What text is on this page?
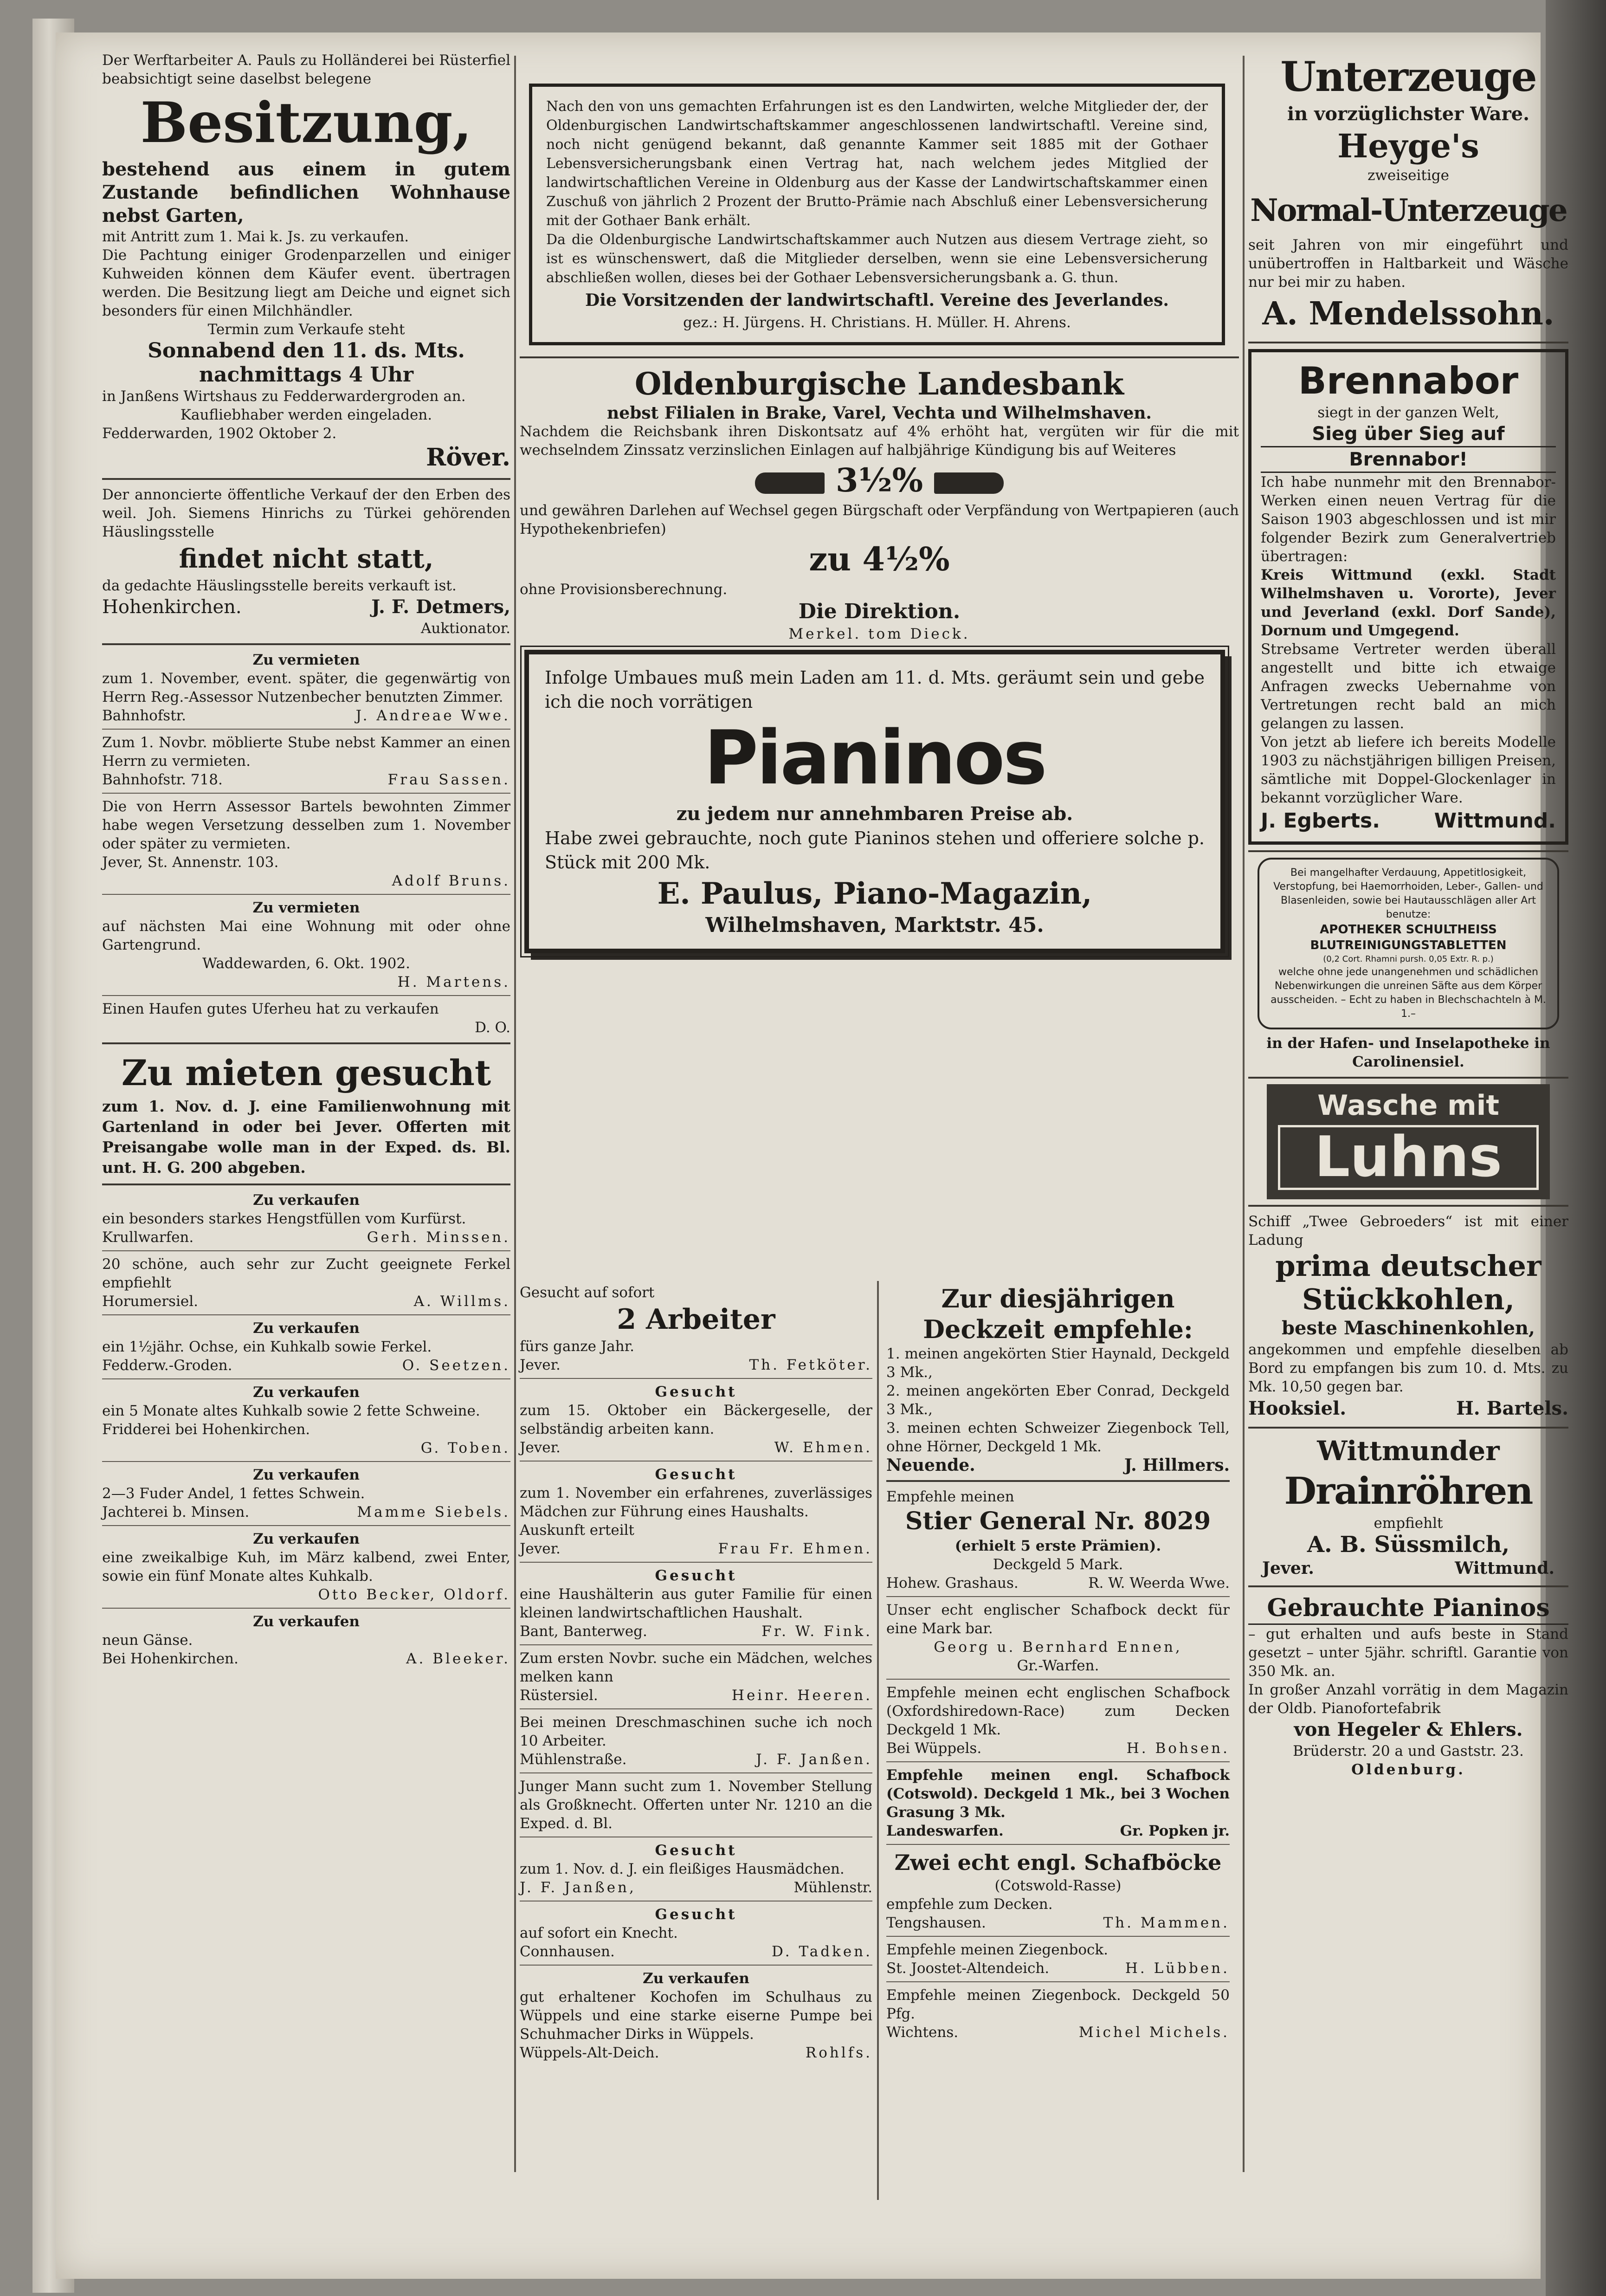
Der Werftarbeiter A. Pauls zu Holländerei bei Rüsterfiel beabsichtigt seine daselbst belegene

Besitzung,

bestehend aus einem in gutem Zustande befindlichen Wohnhause nebst Garten,

mit Antritt zum 1. Mai k. Js. zu verkaufen.

Die Pachtung einiger Grodenparzellen und einiger Kuhweiden können dem Käufer event. übertragen werden. Die Besitzung liegt am Deiche und eignet sich besonders für einen Milchhändler.

Termin zum Verkaufe steht

Sonnabend den 11. ds. Mts.

nachmittags 4 Uhr

in Janßens Wirtshaus zu Fedderwardergroden an.

Kaufliebhaber werden eingeladen.

Fedderwarden, 1902 Oktober 2.

Röver.

Der annoncierte öffentliche Verkauf der den Erben des weil. Joh. Siemens Hinrichs zu Türkei gehörenden Häuslingsstelle

findet nicht statt,

da gedachte Häuslingsstelle bereits verkauft ist.

Hohenkirchen.	J. F. Detmers,

Auktionator.

Zu vermieten

zum 1. November, event. später, die gegenwärtig von Herrn Reg.-Assessor Nutzenbecher benutzten Zimmer.

Bahnhofstr.	J. Andreae Wwe.

Zum 1. Novbr. möblierte Stube nebst Kammer an einen Herrn zu vermieten.

Bahnhofstr. 718.	Frau Sassen.

Die von Herrn Assessor Bartels bewohnten Zimmer habe wegen Versetzung desselben zum 1. November oder später zu vermieten.

Jever, St. Annenstr. 103.

Adolf Bruns.

Zu vermieten

auf nächsten Mai eine Wohnung mit oder ohne Gartengrund.

Waddewarden, 6. Okt. 1902.

H. Martens.

Einen Haufen gutes Uferheu hat zu verkaufen

D. O.

Zu mieten gesucht

zum 1. Nov. d. J. eine Familienwohnung mit Gartenland in oder bei Jever. Offerten mit Preisangabe wolle man in der Exped. ds. Bl. unt. H. G. 200 abgeben.

Zu verkaufen

ein besonders starkes Hengstfüllen vom Kurfürst.

Krullwarfen.	Gerh. Minssen.

20 schöne, auch sehr zur Zucht geeignete Ferkel empfiehlt

Horumersiel.	A. Willms.

Zu verkaufen

ein 1½jähr. Ochse, ein Kuhkalb sowie Ferkel.

Fedderw.-Groden.	O. Seetzen.

Zu verkaufen

ein 5 Monate altes Kuhkalb sowie 2 fette Schweine.

Fridderei bei Hohenkirchen.

G. Toben.

Zu verkaufen

2—3 Fuder Andel, 1 fettes Schwein.

Jachterei b. Minsen.	Mamme Siebels.

Zu verkaufen

eine zweikalbige Kuh, im März kalbend, zwei Enter, sowie ein fünf Monate altes Kuhkalb.

Otto Becker, Oldorf.

Zu verkaufen

neun Gänse.

Bei Hohenkirchen.	A. Bleeker.

Nach den von uns gemachten Erfahrungen ist es den Landwirten, welche Mitglieder der, der Oldenburgischen Landwirtschaftskammer angeschlossenen landwirtschaftl. Vereine sind, noch nicht genügend bekannt, daß genannte Kammer seit 1885 mit der Gothaer Lebensversicherungsbank einen Vertrag hat, nach welchem jedes Mitglied der landwirtschaftlichen Vereine in Oldenburg aus der Kasse der Landwirtschaftskammer einen Zuschuß von jährlich 2 Prozent der Brutto-Prämie nach Abschluß einer Lebensversicherung mit der Gothaer Bank erhält.

Da die Oldenburgische Landwirtschaftskammer auch Nutzen aus diesem Vertrage zieht, so ist es wünschenswert, daß die Mitglieder derselben, wenn sie eine Lebensversicherung abschließen wollen, dieses bei der Gothaer Lebensversicherungsbank a. G. thun.

Die Vorsitzenden der landwirtschaftl. Vereine des Jeverlandes.

gez.: H. Jürgens. H. Christians. H. Müller. H. Ahrens.

Oldenburgische Landesbank

nebst Filialen in Brake, Varel, Vechta und Wilhelmshaven.

Nachdem die Reichsbank ihren Diskontsatz auf 4% erhöht hat, vergüten wir für die mit wechselndem Zinssatz verzinslichen Einlagen auf halbjährige Kündigung bis auf Weiteres

3½%

und gewähren Darlehen auf Wechsel gegen Bürgschaft oder Verpfändung von Wertpapieren (auch Hypothekenbriefen)

zu 4½%

ohne Provisionsberechnung.

Die Direktion.

Merkel. tom Dieck.

Infolge Umbaues muß mein Laden am 11. d. Mts. geräumt sein und gebe ich die noch vorrätigen

Pianinos

zu jedem nur annehmbaren Preise ab.

Habe zwei gebrauchte, noch gute Pianinos stehen und offeriere solche p. Stück mit 200 Mk.

E. Paulus, Piano-Magazin,

Wilhelmshaven, Marktstr. 45.

Gesucht auf sofort

2 Arbeiter

fürs ganze Jahr.

Jever.	Th. Fetköter.

Gesucht

zum 15. Oktober ein Bäckergeselle, der selbständig arbeiten kann.

Jever.	W. Ehmen.

Gesucht

zum 1. November ein erfahrenes, zuverlässiges Mädchen zur Führung eines Haushalts.

Auskunft erteilt

Jever.	Frau Fr. Ehmen.

Gesucht

eine Haushälterin aus guter Familie für einen kleinen landwirtschaftlichen Haushalt.

Bant, Banterweg.	Fr. W. Fink.

Zum ersten Novbr. suche ein Mädchen, welches melken kann

Rüstersiel.	Heinr. Heeren.

Bei meinen Dreschmaschinen suche ich noch 10 Arbeiter.

Mühlenstraße.	J. F. Janßen.

Junger Mann sucht zum 1. November Stellung als Großknecht. Offerten unter Nr. 1210 an die Exped. d. Bl.

Gesucht

zum 1. Nov. d. J. ein fleißiges Hausmädchen.

J. F. Janßen,	Mühlenstr.

Gesucht

auf sofort ein Knecht.

Connhausen.	D. Tadken.

Zu verkaufen

gut erhaltener Kochofen im Schulhaus zu Wüppels und eine starke eiserne Pumpe bei Schuhmacher Dirks in Wüppels.

Wüppels-Alt-Deich.	Rohlfs.

Zur diesjährigen

Deckzeit empfehle:

1. meinen angekörten Stier Haynald, Deckgeld 3 Mk.,

2. meinen angekörten Eber Conrad, Deckgeld 3 Mk.,

3. meinen echten Schweizer Ziegenbock Tell, ohne Hörner, Deckgeld 1 Mk.

Neuende.	J. Hillmers.

Empfehle meinen

Stier General Nr. 8029

(erhielt 5 erste Prämien).

Deckgeld 5 Mark.

Hohew. Grashaus.	R. W. Weerda Wwe.

Unser echt englischer Schafbock deckt für eine Mark bar.

Georg u. Bernhard Ennen,

Gr.-Warfen.

Empfehle meinen echt englischen Schafbock (Oxfordshiredown-Race) zum Decken Deckgeld 1 Mk.

Bei Wüppels.	H. Bohsen.

Empfehle meinen engl. Schafbock (Cotswold). Deckgeld 1 Mk., bei 3 Wochen Grasung 3 Mk.

Landeswarfen.	Gr. Popken jr.

Zwei echt engl. Schafböcke

(Cotswold-Rasse)

empfehle zum Decken.

Tengshausen.	Th. Mammen.

Empfehle meinen Ziegenbock.

St. Joostet-Altendeich.	H. Lübben.

Empfehle meinen Ziegenbock. Deckgeld 50 Pfg.

Wichtens.	Michel Michels.

Unterzeuge

in vorzüglichster Ware.

Heyge's

zweiseitige

Normal-Unterzeuge

seit Jahren von mir eingeführt und unübertroffen in Haltbarkeit und Wäsche nur bei mir zu haben.

A. Mendelssohn.

Brennabor

siegt in der ganzen Welt,

Sieg über Sieg auf

Brennabor!

Ich habe nunmehr mit den Brennabor-Werken einen neuen Vertrag für die Saison 1903 abgeschlossen und ist mir folgender Bezirk zum Generalvertrieb übertragen:

Kreis Wittmund (exkl. Stadt Wilhelmshaven u. Vororte), Jever und Jeverland (exkl. Dorf Sande), Dornum und Umgegend.

Strebsame Vertreter werden überall angestellt und bitte ich etwaige Anfragen zwecks Uebernahme von Vertretungen recht bald an mich gelangen zu lassen.

Von jetzt ab liefere ich bereits Modelle 1903 zu nächstjährigen billigen Preisen, sämtliche mit Doppel-Glockenlager in bekannt vorzüglicher Ware.

J. Egberts.	Wittmund.

Bei mangelhafter Verdauung, Appetitlosigkeit, Verstopfung, bei Haemorrhoiden, Leber-, Gallen- und Blasenleiden, sowie bei Hautausschlägen aller Art benutze:

APOTHEKER SCHULTHEISS

BLUTREINIGUNGSTABLETTEN

(0,2 Cort. Rhamni pursh. 0,05 Extr. R. p.)

welche ohne jede unangenehmen und schädlichen Nebenwirkungen die unreinen Säfte aus dem Körper ausscheiden. – Echt zu haben in Blechschachteln à M. 1.–

in der Hafen- und Inselapotheke in Carolinensiel.

Wasche mit

Luhns

Schiff „Twee Gebroeders“ ist mit einer Ladung

prima deutscher

Stückkohlen,

beste Maschinenkohlen,

angekommen und empfehle dieselben ab Bord zu empfangen bis zum 10. d. Mts. zu Mk. 10,50 gegen bar.

Hooksiel.	H. Bartels.

Wittmunder

Drainröhren

empfiehlt

A. B. Süssmilch,

Jever.	Wittmund.

Gebrauchte Pianinos

– gut erhalten und aufs beste in Stand gesetzt – unter 5jähr. schriftl. Garantie von 350 Mk. an.

In großer Anzahl vorrätig in dem Magazin der Oldb. Pianofortefabrik

von Hegeler & Ehlers.

Brüderstr. 20 a und Gaststr. 23.

Oldenburg.
